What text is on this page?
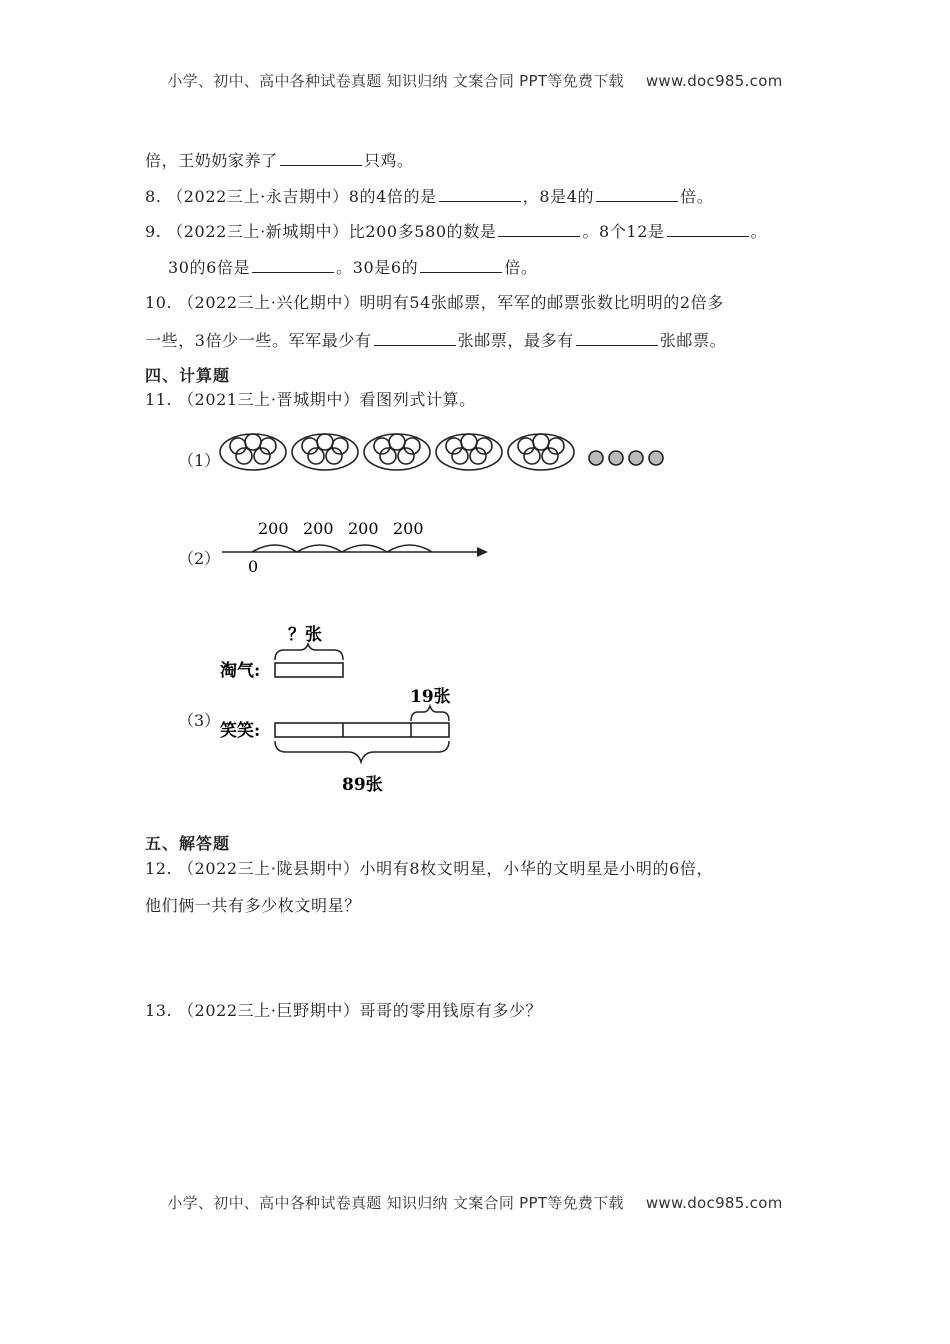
小学、初中、高中各种试卷真题 知识归纳 文案合同 PPT等免费下载 www.doc985.com
倍，王奶奶家养了	只鸡。
8. （2022三上·永吉期中）8的4倍的是	，8是4的	倍。
9. （2022三上·新城期中）比200多580的数是	。8个12是	。
30的6倍是	。30是6的	倍。
10. （2022三上·兴化期中）明明有54张邮票，军军的邮票张数比明明的2倍多
一些，3倍少一些。军军最少有	张邮票，最多有	张邮票。
四、计算题
11. （2021三上·晋城期中）看图列式计算。
（1）
（2）
200 200 200 200
0
（3）
？张
淘气:
19张
笑笑:
89张
五、解答题
12. （2022三上·陇县期中）小明有8枚文明星，小华的文明星是小明的6倍，
他们俩一共有多少枚文明星？
13. （2022三上·巨野期中）哥哥的零用钱原有多少？
小学、初中、高中各种试卷真题 知识归纳 文案合同 PPT等免费下载 www.doc985.com
